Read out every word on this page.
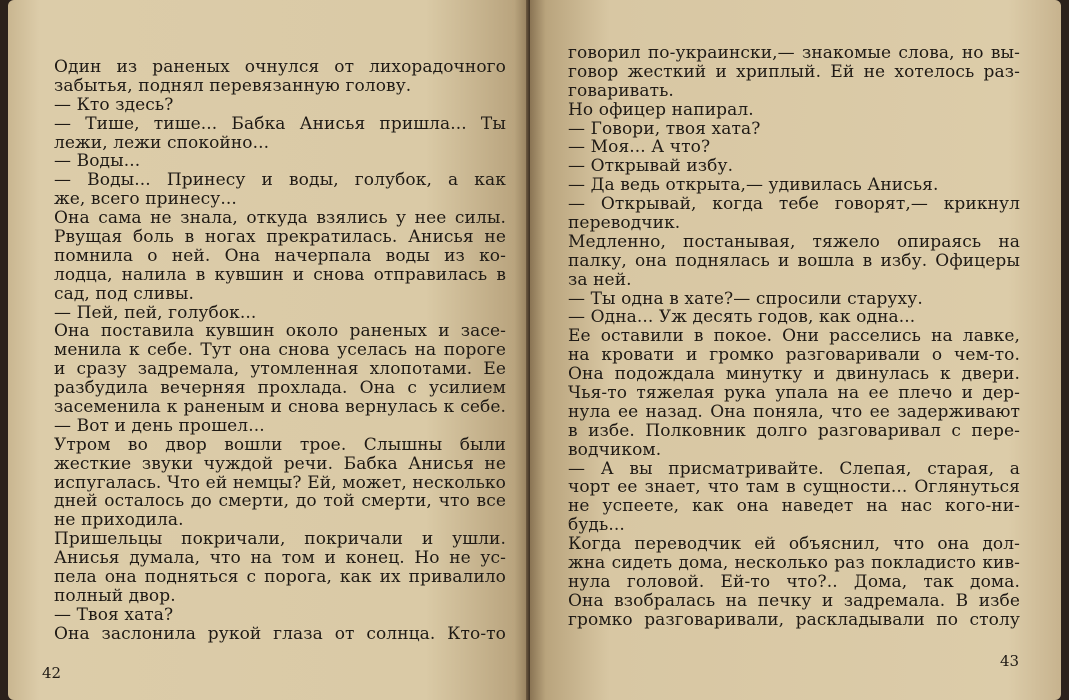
Один из раненых очнулся от лихорадочного
забытья, поднял перевязанную голову.
— Кто здесь?
— Тише, тише... Бабка Анисья пришла... Ты
лежи, лежи спокойно...
— Воды...
— Воды... Принесу и воды, голубок, а как
же, всего принесу...
Она сама не знала, откуда взялись у нее силы.
Рвущая боль в ногах прекратилась. Анисья не
помнила о ней. Она начерпала воды из ко-
лодца, налила в кувшин и снова отправилась в
сад, под сливы.
— Пей, пей, голубок...
Она поставила кувшин около раненых и засе-
менила к себе. Тут она снова уселась на пороге
и сразу задремала, утомленная хлопотами. Ее
разбудила вечерняя прохлада. Она с усилием
засеменила к раненым и снова вернулась к себе.
— Вот и день прошел...
Утром во двор вошли трое. Слышны были
жесткие звуки чуждой речи. Бабка Анисья не
испугалась. Что ей немцы? Ей, может, несколько
дней осталось до смерти, до той смерти, что все
не приходила.
Пришельцы покричали, покричали и ушли.
Анисья думала, что на том и конец. Но не ус-
пела она подняться с порога, как их привалило
полный двор.
— Твоя хата?
Она заслонила рукой глаза от солнца. Кто-то
42
говорил по-украински,— знакомые слова, но вы-
говор жесткий и хриплый. Ей не хотелось раз-
говаривать.
Но офицер напирал.
— Говори, твоя хата?
— Моя... А что?
— Открывай избу.
— Да ведь открыта,— удивилась Анисья.
— Открывай, когда тебе говорят,— крикнул
переводчик.
Медленно, постанывая, тяжело опираясь на
палку, она поднялась и вошла в избу. Офицеры
за ней.
— Ты одна в хате?— спросили старуху.
— Одна... Уж десять годов, как одна...
Ее оставили в покое. Они расселись на лавке,
на кровати и громко разговаривали о чем-то.
Она подождала минутку и двинулась к двери.
Чья-то тяжелая рука упала на ее плечо и дер-
нула ее назад. Она поняла, что ее задерживают
в избе. Полковник долго разговаривал с пере-
водчиком.
— А вы присматривайте. Слепая, старая, а
чорт ее знает, что там в сущности... Оглянуться
не успеете, как она наведет на нас кого-ни-
будь...
Когда переводчик ей объяснил, что она дол-
жна сидеть дома, несколько раз покладисто кив-
нула головой. Ей-то что?.. Дома, так дома.
Она взобралась на печку и задремала. В избе
громко разговаривали, раскладывали по столу
43
